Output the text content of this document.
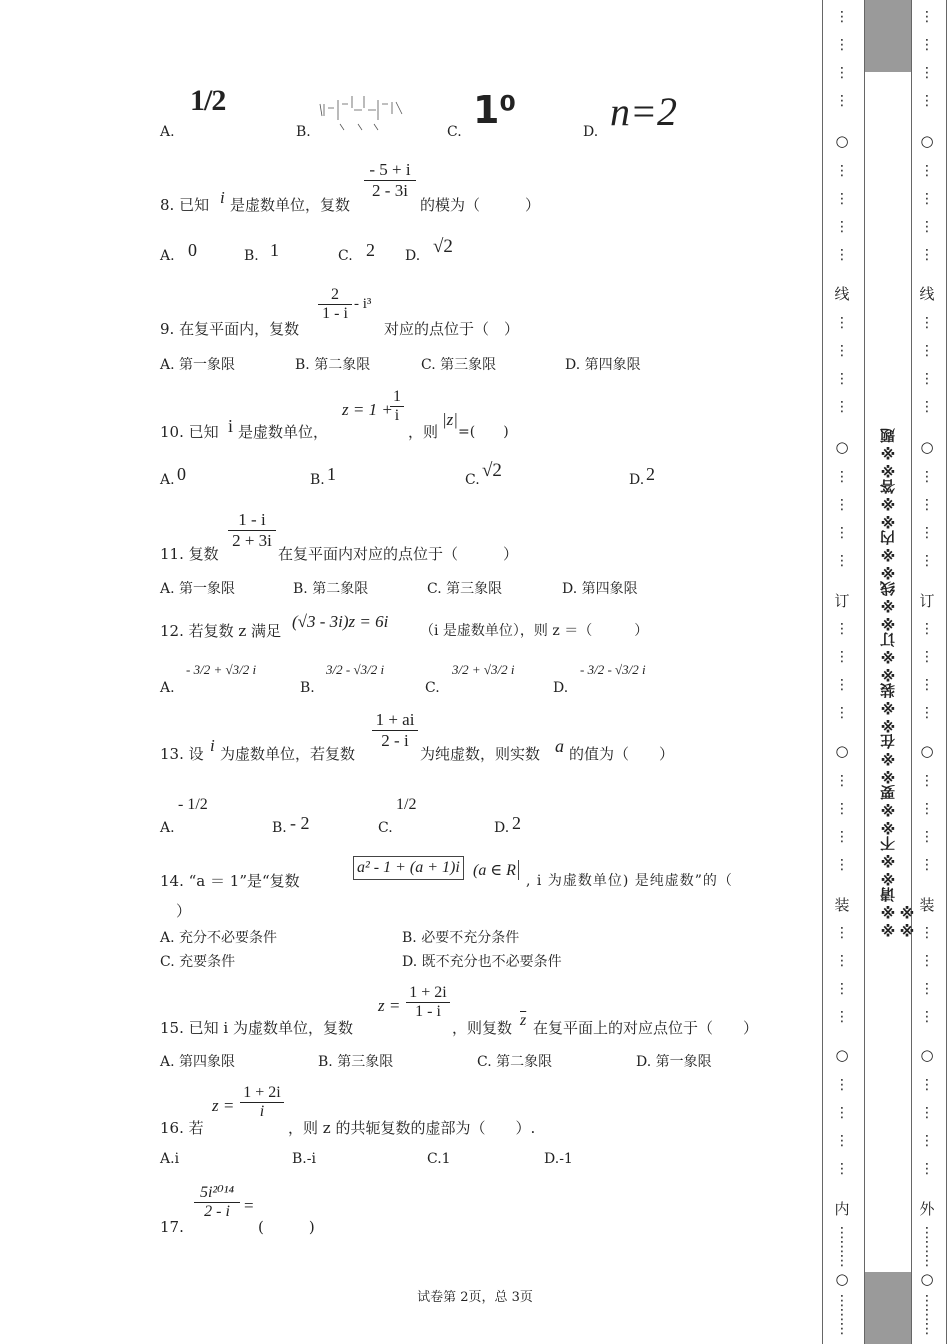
A.
1/2
B.	C. 1⁰	D. n=2
8. 已知 i 是虚数单位，复数
- 5 + i
2 - 3i
的模为（　　　）
A. 0	B. 1	C. 2 D. √2
9. 在复平面内，复数
2
1 - i
- i³
对应的点位于（　）
A. 第一象限	B. 第二象限	C. 第三象限	D. 第四象限
10. 已知 i 是虚数单位，
z = 1 +
1
i
，则
|z|
=(　　)
A. 0	B. 1	C. √2	D. 2
11. 复数
1 - i
2 + 3i
在复平面内对应的点位于（　　　）
A. 第一象限	B. 第二象限	C. 第三象限	D. 第四象限
12. 若复数 z 满足 (√3 - 3i)z = 6i （i 是虚数单位），则 z ＝（　　　）
A.
- 3/2 + √3/2 i
B.
3/2 - √3/2 i
C.
3/2 + √3/2 i
D.
- 3/2 - √3/2 i
13. 设 i 为虚数单位，若复数
1 + ai
2 - i
为纯虚数，则实数 a 的值为（　　）
A.
- 1/2
B. - 2	C.
1/2
D. 2
14. “a ＝ 1”是“复数
a² - 1 + (a + 1)i (a ∈ R
, i 为虚数单位) 是纯虚数”的（
）
A. 充分不必要条件	B. 必要不充分条件
C. 充要条件	D. 既不充分也不必要条件
15. 已知 i 为虚数单位，复数
z =
1 + 2i
1 - i
，则复数 $\overline{z}$ 在复平面上的对应点位于（　　）
A. 第四象限	B. 第三象限	C. 第二象限	D. 第一象限
16. 若
z =
1 + 2i
i
，则 z 的共轭复数的虚部为（　　）.
A.i	B.-i	C.1	D.-1
17.
5i²⁰¹⁴
2 - i =
(　　　)
试卷第 2页，总 3页
※※请※※不※※要※※在※※装※※订※※线※※内※※答※※题※※
⋮

⋮

⋮

⋮
○
⋮

⋮

⋮

⋮
线
⋮

⋮

⋮

⋮
○
⋮

⋮

⋮

⋮
订
⋮

⋮

⋮

⋮
○
⋮

⋮

⋮

⋮
装
⋮

⋮

⋮

⋮
○
⋮

⋮

⋮

⋮
内
⋮
⋮
⋮
○
⋮
⋮
⋮
⋮

⋮

⋮

⋮
○
⋮

⋮

⋮

⋮
线
⋮

⋮

⋮

⋮
○
⋮

⋮

⋮

⋮
订
⋮

⋮

⋮

⋮
○
⋮

⋮

⋮

⋮
装
⋮

⋮

⋮

⋮
○
⋮

⋮

⋮

⋮
外
⋮
⋮
⋮
○
⋮
⋮
⋮
